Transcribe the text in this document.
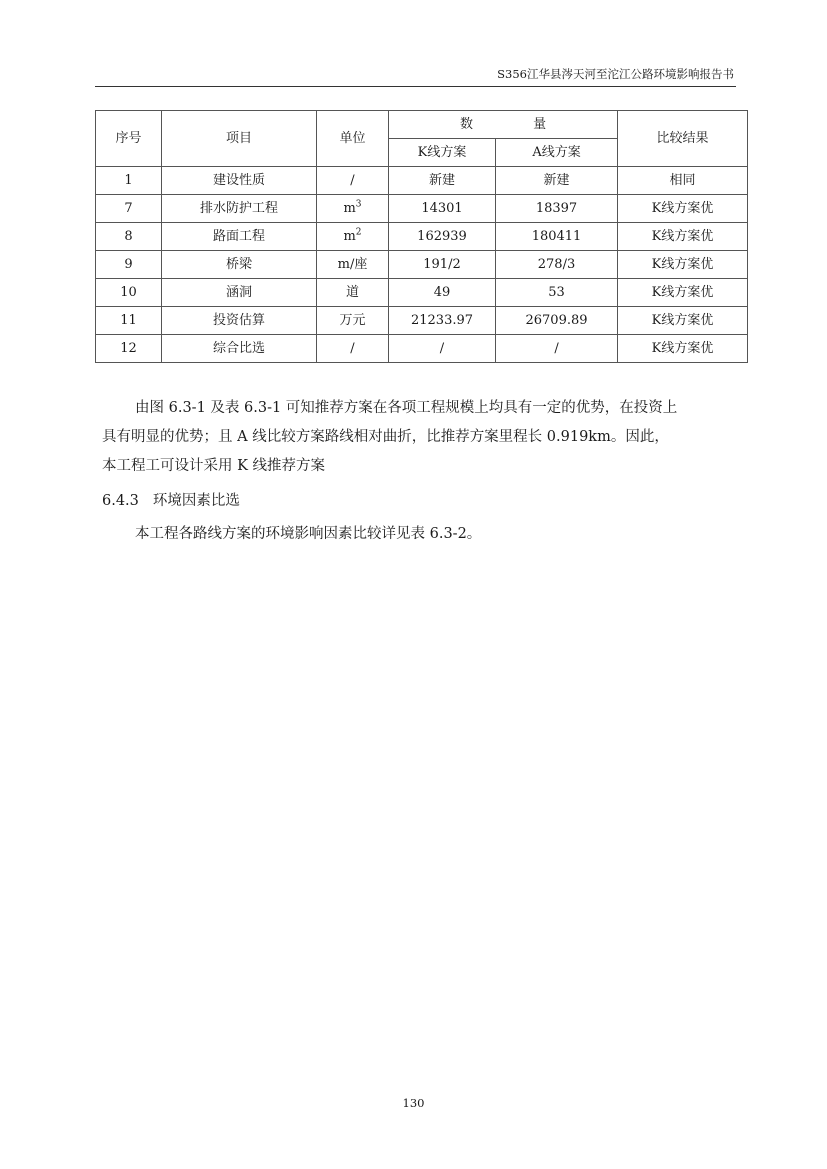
S356江华县涔天河至沱江公路环境影响报告书
序号	项目	单位	数 量		比较结果
			K线方案	A线方案	
1	建设性质	/	新建	新建	相同
7	排水防护工程	$m^3$	14301	18397	K线方案优
8	路面工程	$m^2$	162939	180411	K线方案优
9	桥梁	m/座	191/2	278/3	K线方案优
10	涵洞	道	49	53	K线方案优
11	投资估算	万元	21233.97	26709.89	K线方案优
12	综合比选	/	/	/	K线方案优
由图 6.3-1 及表 6.3-1 可知推荐方案在各项工程规模上均具有一定的优势，在投资上
具有明显的优势；且 A 线比较方案路线相对曲折，比推荐方案里程长 0.919km。因此，
本工程工可设计采用 K 线推荐方案
6.4.3 环境因素比选
本工程各路线方案的环境影响因素比较详见表 6.3-2。
130
